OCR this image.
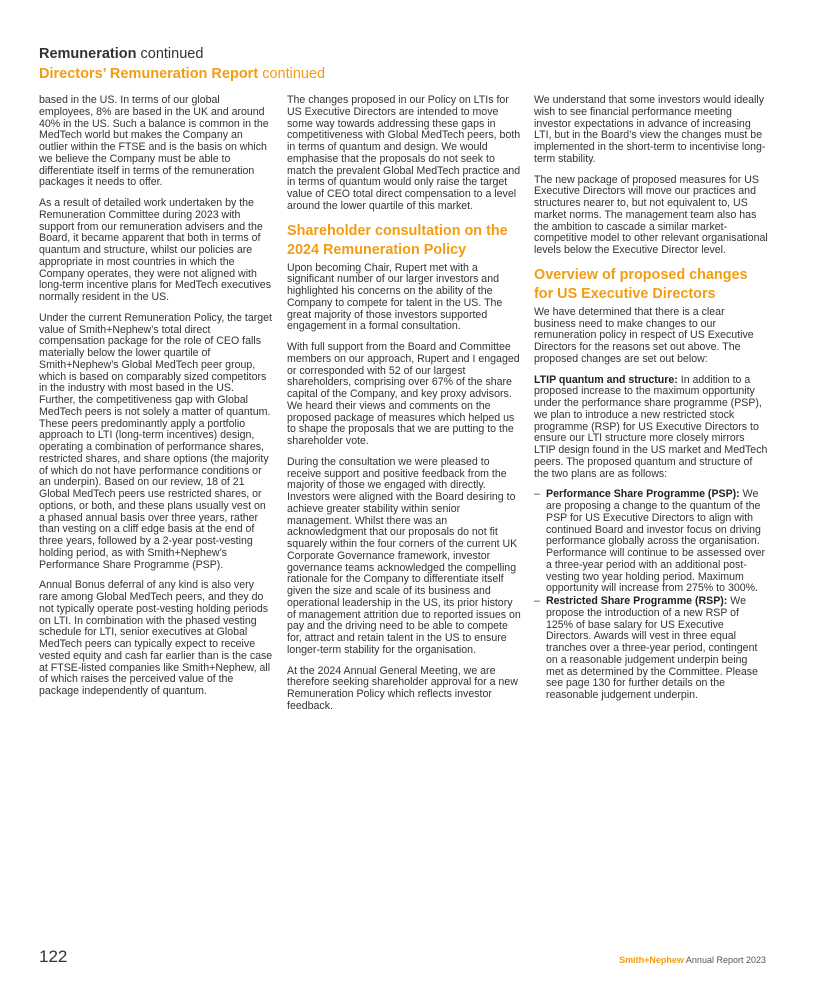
Remuneration continued
Directors’ Remuneration Report continued

based in the US. In terms of our global employees, 8% are based in the UK and around 40% in the US. Such a balance is common in the MedTech world but makes the Company an outlier within the FTSE and is the basis on which we believe the Company must be able to differentiate itself in terms of the remuneration packages it needs to offer.

As a result of detailed work undertaken by the Remuneration Committee during 2023 with support from our remuneration advisers and the Board, it became apparent that both in terms of quantum and structure, whilst our policies are appropriate in most countries in which the Company operates, they were not aligned with long-term incentive plans for MedTech executives normally resident in the US.

Under the current Remuneration Policy, the target value of Smith+Nephew’s total direct compensation package for the role of CEO falls materially below the lower quartile of Smith+Nephew’s Global MedTech peer group, which is based on comparably sized competitors in the industry with most based in the US. Further, the competitiveness gap with Global MedTech peers is not solely a matter of quantum. These peers predominantly apply a portfolio approach to LTI (long-term incentives) design, operating a combination of performance shares, restricted shares, and share options (the majority of which do not have performance conditions or an underpin). Based on our review, 18 of 21 Global MedTech peers use restricted shares, or options, or both, and these plans usually vest on a phased annual basis over three years, rather than vesting on a cliff edge basis at the end of three years, followed by a 2-year post-vesting holding period, as with Smith+Nephew’s Performance Share Programme (PSP).

Annual Bonus deferral of any kind is also very rare among Global MedTech peers, and they do not typically operate post-vesting holding periods on LTI. In combination with the phased vesting schedule for LTI, senior executives at Global MedTech peers can typically expect to receive vested equity and cash far earlier than is the case at FTSE-listed companies like Smith+Nephew, all of which raises the perceived value of the package independently of quantum.

The changes proposed in our Policy on LTIs for US Executive Directors are intended to move some way towards addressing these gaps in competitiveness with Global MedTech peers, both in terms of quantum and design. We would emphasise that the proposals do not seek to match the prevalent Global MedTech practice and in terms of quantum would only raise the target value of CEO total direct compensation to a level around the lower quartile of this market.

Shareholder consultation on the 2024 Remuneration Policy

Upon becoming Chair, Rupert met with a significant number of our larger investors and highlighted his concerns on the ability of the Company to compete for talent in the US. The great majority of those investors supported engagement in a formal consultation.

With full support from the Board and Committee members on our approach, Rupert and I engaged or corresponded with 52 of our largest shareholders, comprising over 67% of the share capital of the Company, and key proxy advisors. We heard their views and comments on the proposed package of measures which helped us to shape the proposals that we are putting to the shareholder vote.

During the consultation we were pleased to receive support and positive feedback from the majority of those we engaged with directly. Investors were aligned with the Board desiring to achieve greater stability within senior management. Whilst there was an acknowledgment that our proposals do not fit squarely within the four corners of the current UK Corporate Governance framework, investor governance teams acknowledged the compelling rationale for the Company to differentiate itself given the size and scale of its business and operational leadership in the US, its prior history of management attrition due to reported issues on pay and the driving need to be able to compete for, attract and retain talent in the US to ensure longer-term stability for the organisation.

At the 2024 Annual General Meeting, we are therefore seeking shareholder approval for a new Remuneration Policy which reflects investor feedback.

We understand that some investors would ideally wish to see financial performance meeting investor expectations in advance of increasing LTI, but in the Board’s view the changes must be implemented in the short-term to incentivise long-term stability.

The new package of proposed measures for US Executive Directors will move our practices and structures nearer to, but not equivalent to, US market norms. The management team also has the ambition to cascade a similar market-competitive model to other relevant organisational levels below the Executive Director level.

Overview of proposed changes for US Executive Directors

We have determined that there is a clear business need to make changes to our remuneration policy in respect of US Executive Directors for the reasons set out above. The proposed changes are set out below:

LTIP quantum and structure: In addition to a proposed increase to the maximum opportunity under the performance share programme (PSP), we plan to introduce a new restricted stock programme (RSP) for US Executive Directors to ensure our LTI structure more closely mirrors LTIP design found in the US market and MedTech peers. The proposed quantum and structure of the two plans are as follows:

– Performance Share Programme (PSP): We are proposing a change to the quantum of the PSP for US Executive Directors to align with continued Board and investor focus on driving performance globally across the organisation. Performance will continue to be assessed over a three-year period with an additional post-vesting two year holding period. Maximum opportunity will increase from 275% to 300%.
– Restricted Share Programme (RSP): We propose the introduction of a new RSP of 125% of base salary for US Executive Directors. Awards will vest in three equal tranches over a three-year period, contingent on a reasonable judgement underpin being met as determined by the Committee. Please see page 130 for further details on the reasonable judgement underpin.
122	Smith+Nephew Annual Report 2023
